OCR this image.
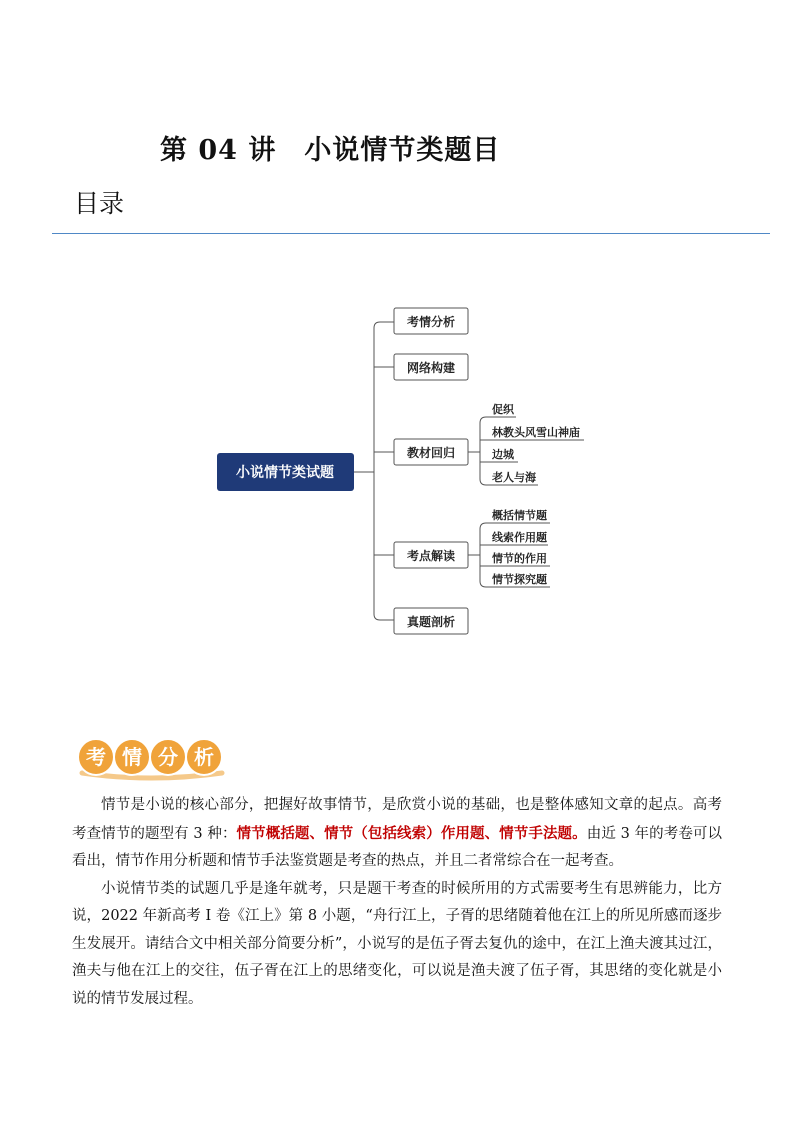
第 04 讲　小说情节类题目
目录
小说情节类试题
考情分析
网络构建
教材回归
考点解读
真题剖析
促织
林教头风雪山神庙
边城
老人与海
概括情节题
线索作用题
情节的作用
情节探究题
考 情 分 析

情节是小说的核心部分，把握好故事情节，是欣赏小说的基础，也是整体感知文章的起点。高考考查情节的题型有 3 种：情节概括题、情节（包括线索）作用题、情节手法题。由近 3 年的考卷可以看出，情节作用分析题和情节手法鉴赏题是考查的热点，并且二者常综合在一起考查。

小说情节类的试题几乎是逢年就考，只是题干考查的时候所用的方式需要考生有思辨能力，比方说，2022 年新高考 I 卷《江上》第 8 小题，“舟行江上，子胥的思绪随着他在江上的所见所感而逐步生发展开。请结合文中相关部分简要分析”，小说写的是伍子胥去复仇的途中，在江上渔夫渡其过江，渔夫与他在江上的交往，伍子胥在江上的思绪变化，可以说是渔夫渡了伍子胥，其思绪的变化就是小说的情节发展过程。
